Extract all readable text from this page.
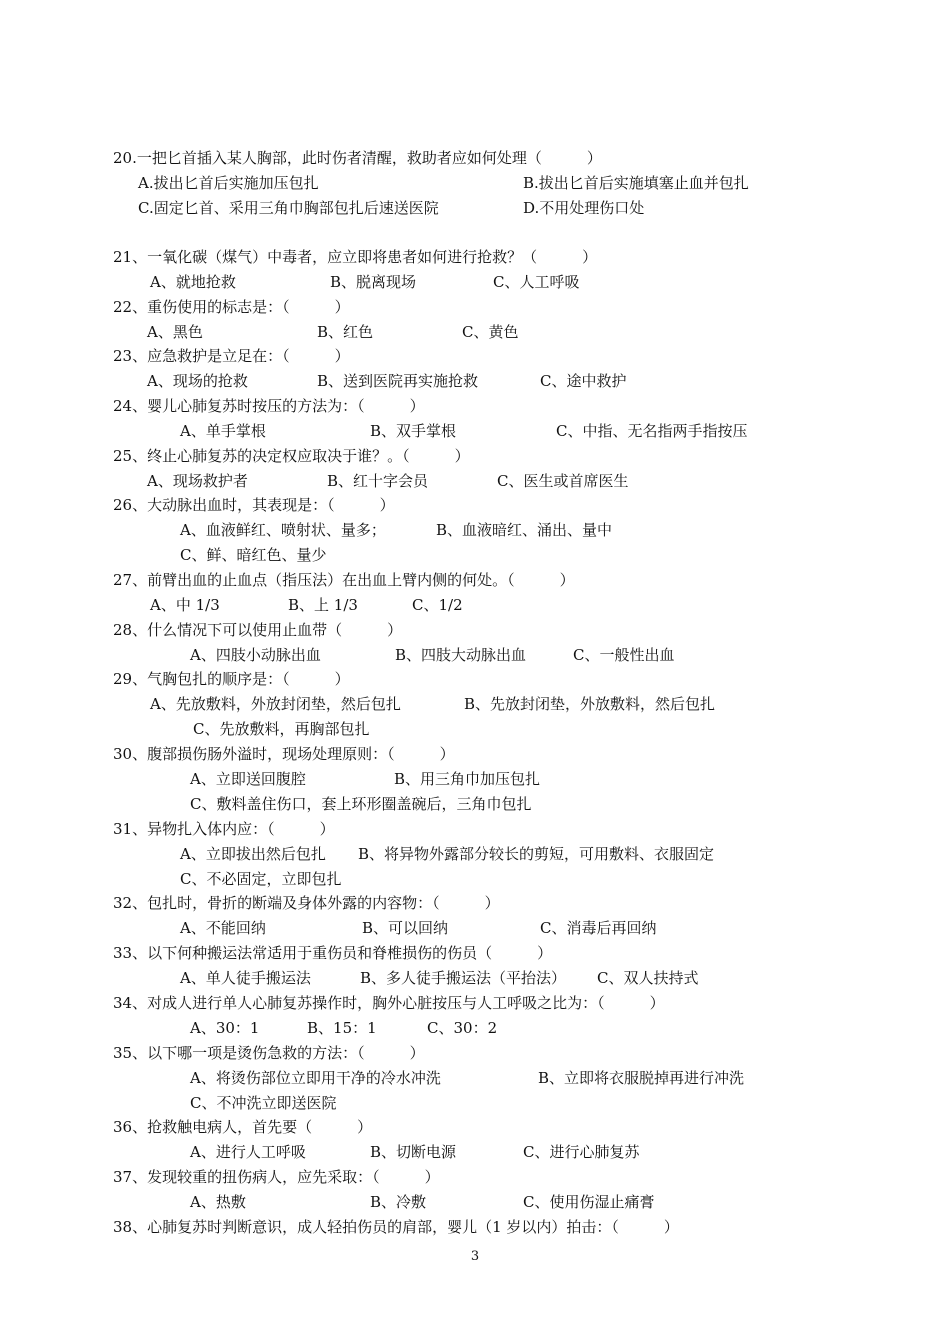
20.一把匕首插入某人胸部，此时伤者清醒，救助者应如何处理（　　　）
A.拔出匕首后实施加压包扎	B.拔出匕首后实施填塞止血并包扎
C.固定匕首、采用三角巾胸部包扎后速送医院	D.不用处理伤口处
21、一氧化碳（煤气）中毒者，应立即将患者如何进行抢救？（　　　）
A、就地抢救	B、脱离现场	C、人工呼吸
22、重伤使用的标志是：（　　　）
A、黑色	B、红色	C、黄色
23、应急救护是立足在：（　　　）
A、现场的抢救	B、送到医院再实施抢救	C、途中救护
24、婴儿心肺复苏时按压的方法为：（　　　）
A、单手掌根	B、双手掌根	C、中指、无名指两手指按压
25、终止心肺复苏的决定权应取决于谁？。（　　　）
A、现场救护者	B、红十字会员	C、医生或首席医生
26、大动脉出血时，其表现是：（　　　）
A、血液鲜红、喷射状、量多；	B、血液暗红、涌出、量中
C、鲜、暗红色、量少
27、前臂出血的止血点（指压法）在出血上臂内侧的何处。（　　　）
A、中 1/3	B、上 1/3	C、1/2
28、什么情况下可以使用止血带（　　　）
A、四肢小动脉出血	B、四肢大动脉出血	C、一般性出血
29、气胸包扎的顺序是：（　　　）
A、先放敷料，外放封闭垫，然后包扎	B、先放封闭垫，外放敷料，然后包扎
C、先放敷料，再胸部包扎
30、腹部损伤肠外溢时，现场处理原则：（　　　）
A、立即送回腹腔	B、用三角巾加压包扎
C、敷料盖住伤口，套上环形圈盖碗后，三角巾包扎
31、异物扎入体内应：（　　　）
A、立即拔出然后包扎 B、将异物外露部分较长的剪短，可用敷料、衣服固定
C、不必固定，立即包扎
32、包扎时，骨折的断端及身体外露的内容物：（　　　）
A、不能回纳	B、可以回纳	C、消毒后再回纳
33、以下何种搬运法常适用于重伤员和脊椎损伤的伤员（　　　）
A、单人徒手搬运法	B、多人徒手搬运法（平抬法） C、双人扶持式
34、对成人进行单人心肺复苏操作时，胸外心脏按压与人工呼吸之比为：（　　　）
A、30：1	B、15：1	C、30：2
35、以下哪一项是烫伤急救的方法：（　　　）
A、将烫伤部位立即用干净的冷水冲洗	B、立即将衣服脱掉再进行冲洗
C、不冲洗立即送医院
36、抢救触电病人，首先要（　　　）
A、进行人工呼吸	B、切断电源	C、进行心肺复苏
37、发现较重的扭伤病人，应先采取：（　　　）
A、热敷	B、冷敷	C、使用伤湿止痛膏
38、心肺复苏时判断意识，成人轻拍伤员的肩部，婴儿（1 岁以内）拍击：（　　　）
3
